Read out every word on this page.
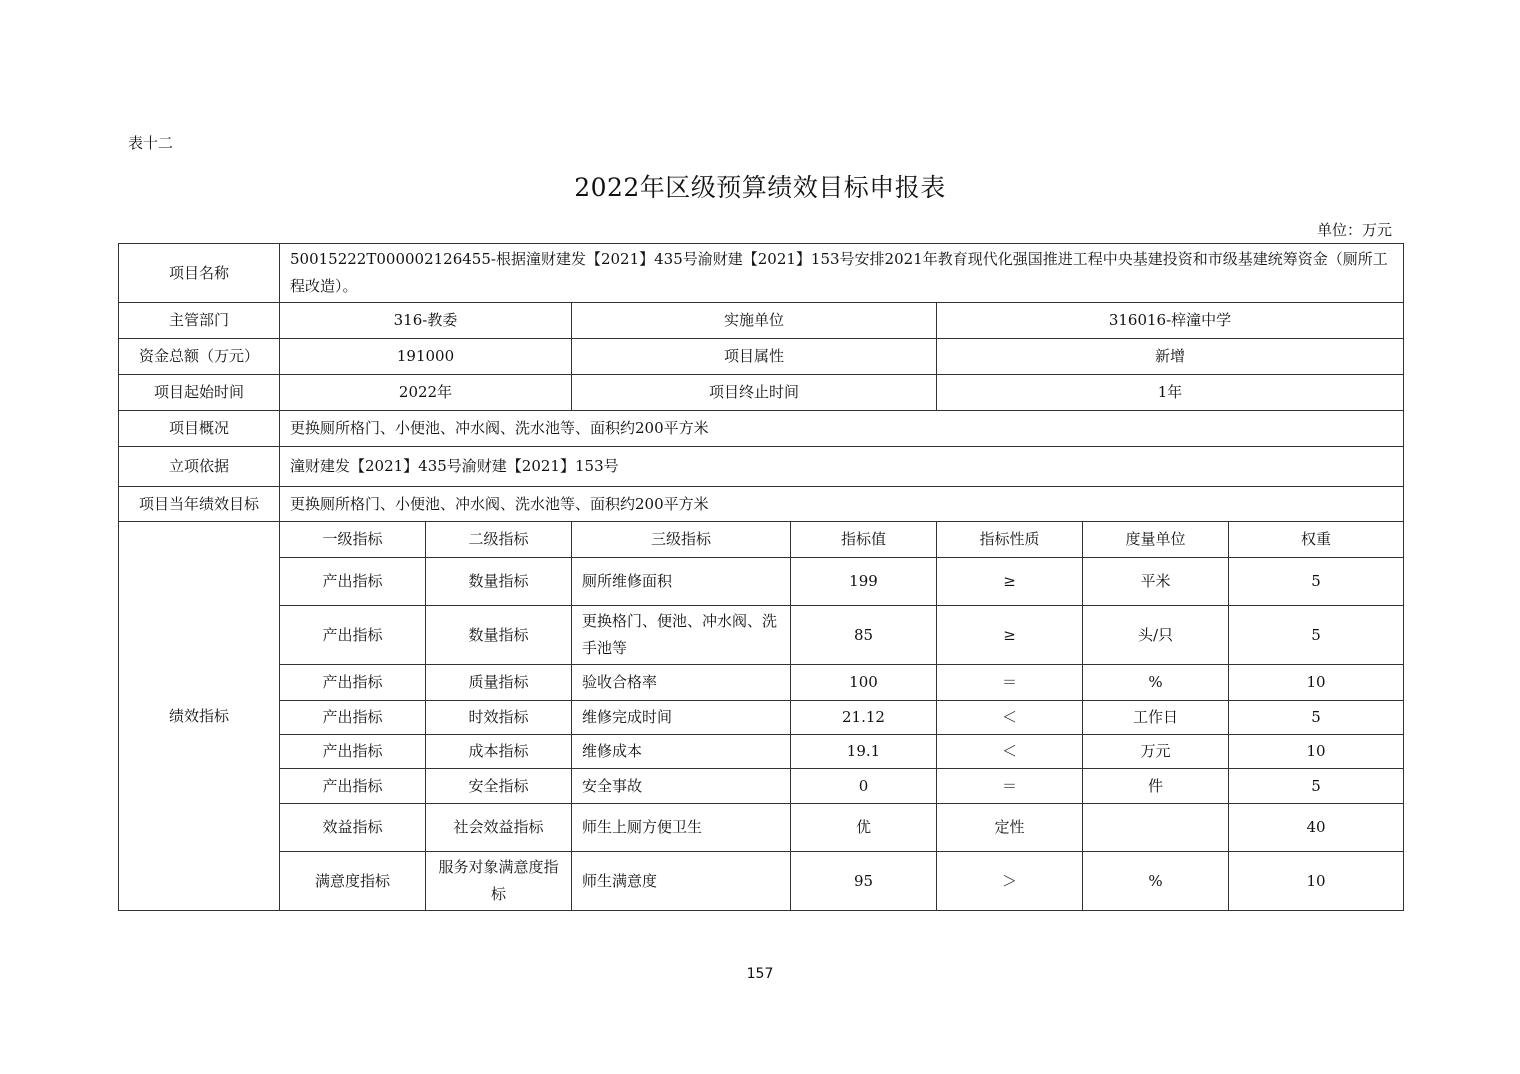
表十二
2022年区级预算绩效目标申报表
单位：万元
项目名称	50015222T000002126455-根据潼财建发【2021】435号渝财建【2021】153号安排2021年教育现代化强国推进工程中央基建投资和市级基建统筹资金（厕所工程改造）。						
主管部门	316-教委		实施单位		316016-梓潼中学		
资金总额（万元）	191000		项目属性		新增		
项目起始时间	2022年		项目终止时间		1年		
项目概况	更换厕所格门、小便池、冲水阀、洗水池等、面积约200平方米						
立项依据	潼财建发【2021】435号渝财建【2021】153号						
项目当年绩效目标	更换厕所格门、小便池、冲水阀、洗水池等、面积约200平方米						
绩效指标	一级指标	二级指标	三级指标	指标值	指标性质	度量单位	权重
	产出指标	数量指标	厕所维修面积	199	≥	平米	5
	产出指标	数量指标	更换格门、便池、冲水阀、洗手池等	85	≥	头/只	5
	产出指标	质量指标	验收合格率	100	＝	%	10
	产出指标	时效指标	维修完成时间	21.12	＜	工作日	5
	产出指标	成本指标	维修成本	19.1	＜	万元	10
	产出指标	安全指标	安全事故	0	＝	件	5
	效益指标	社会效益指标	师生上厕方便卫生	优	定性		40
	满意度指标	服务对象满意度指标	师生满意度	95	＞	%	10
157
